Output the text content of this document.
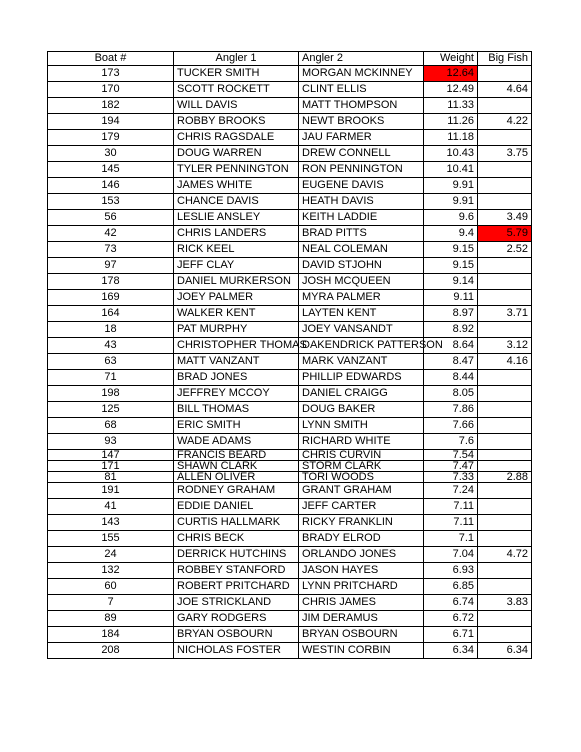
Boat #	Angler 1	Angler 2	Weight	Big Fish
173	TUCKER SMITH	MORGAN MCKINNEY	12.64	
170	SCOTT ROCKETT	CLINT ELLIS	12.49	4.64
182	WILL DAVIS	MATT THOMPSON	11.33	
194	ROBBY BROOKS	NEWT BROOKS	11.26	4.22
179	CHRIS RAGSDALE	JAU FARMER	11.18	
30	DOUG WARREN	DREW CONNELL	10.43	3.75
145	TYLER PENNINGTON	RON PENNINGTON	10.41	
146	JAMES WHITE	EUGENE DAVIS	9.91	
153	CHANCE DAVIS	HEATH DAVIS	9.91	
56	LESLIE ANSLEY	KEITH LADDIE	9.6	3.49
42	CHRIS LANDERS	BRAD PITTS	9.4	5.79
73	RICK KEEL	NEAL COLEMAN	9.15	2.52
97	JEFF CLAY	DAVID STJOHN	9.15	
178	DANIEL MURKERSON	JOSH MCQUEEN	9.14	
169	JOEY PALMER	MYRA PALMER	9.11	
164	WALKER KENT	LAYTEN KENT	8.97	3.71
18	PAT MURPHY	JOEY VANSANDT	8.92	
43	CHRISTOPHER THOMAS	DAKENDRICK PATTERSON	8.64	3.12
63	MATT VANZANT	MARK VANZANT	8.47	4.16
71	BRAD JONES	PHILLIP EDWARDS	8.44	
198	JEFFREY MCCOY	DANIEL CRAIGG	8.05	
125	BILL THOMAS	DOUG BAKER	7.86	
68	ERIC SMITH	LYNN SMITH	7.66	
93	WADE ADAMS	RICHARD WHITE	7.6	
147	FRANCIS BEARD	CHRIS CURVIN	7.54	
171	SHAWN CLARK	STORM CLARK	7.47	
81	ALLEN OLIVER	TORI WOODS	7.33	2.88
191	RODNEY GRAHAM	GRANT GRAHAM	7.24	
41	EDDIE DANIEL	JEFF CARTER	7.11	
143	CURTIS HALLMARK	RICKY FRANKLIN	7.11	
155	CHRIS BECK	BRADY ELROD	7.1	
24	DERRICK HUTCHINS	ORLANDO JONES	7.04	4.72
132	ROBBEY STANFORD	JASON HAYES	6.93	
60	ROBERT PRITCHARD	LYNN PRITCHARD	6.85	
7	JOE STRICKLAND	CHRIS JAMES	6.74	3.83
89	GARY RODGERS	JIM DERAMUS	6.72	
184	BRYAN OSBOURN	BRYAN OSBOURN	6.71	
208	NICHOLAS FOSTER	WESTIN CORBIN	6.34	6.34
